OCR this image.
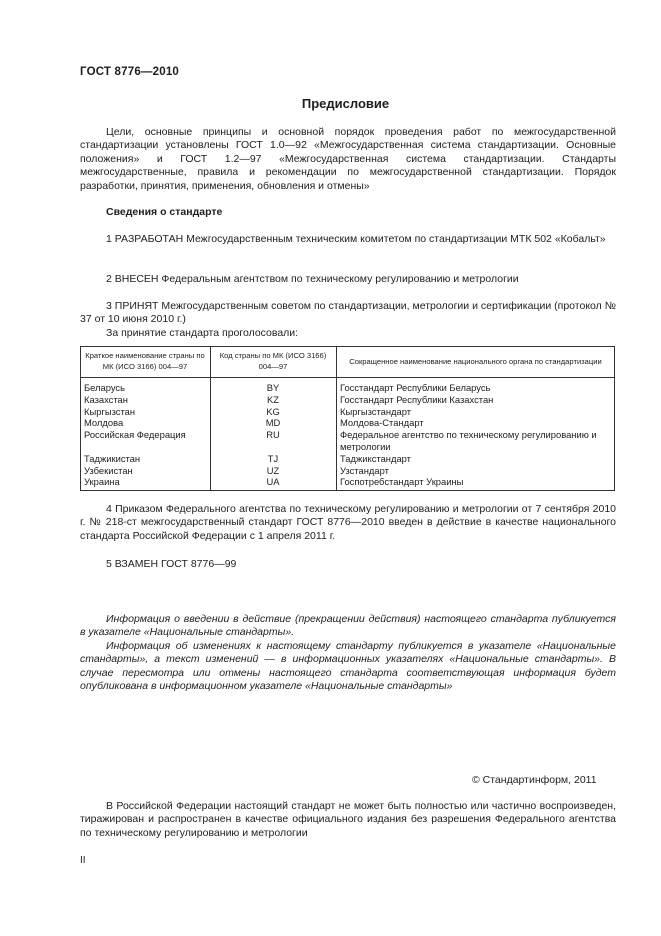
ГОСТ 8776—2010
Предисловие

Цели, основные принципы и основной порядок проведения работ по межгосударственной стандартизации установлены ГОСТ 1.0—92 «Межгосударственная система стандартизации. Основные положения» и ГОСТ 1.2—97 «Межгосударственная система стандартизации. Стандарты межгосударственные, правила и рекомендации по межгосударственной стандартизации. Порядок разработки, принятия, применения, обновления и отмены»

Сведения о стандарте

1 РАЗРАБОТАН Межгосударственным техническим комитетом по стандартизации МТК 502 «Кобальт»

2 ВНЕСЕН Федеральным агентством по техническому регулированию и метрологии

3 ПРИНЯТ Межгосударственным советом по стандартизации, метрологии и сертификации (протокол № 37 от 10 июня 2010 г.)

За принятие стандарта проголосовали:

Краткое наименование страны по МК (ИСО 3166) 004—97	Код страны по МК (ИСО 3166) 004—97	Сокращенное наименование национального органа по стандартизации
Беларусь	BY	Госстандарт Республики Беларусь
Казахстан	KZ	Госстандарт Республики Казахстан
Кыргызстан	KG	Кыргызстандарт
Молдова	MD	Молдова-Стандарт
Российская Федерация	RU	Федеральное агентство по техническому регулированию и метрологии
Таджикистан	TJ	Таджикстандарт
Узбекистан	UZ	Узстандарт
Украина	UA	Госпотребстандарт Украины

4 Приказом Федерального агентства по техническому регулированию и метрологии от 7 сентября 2010 г. № 218-ст межгосударственный стандарт ГОСТ 8776—2010 введен в действие в качестве национального стандарта Российской Федерации с 1 апреля 2011 г.

5 ВЗАМЕН ГОСТ 8776—99

Информация о введении в действие (прекращении действия) настоящего стандарта публикуется в указателе «Национальные стандарты».

Информация об изменениях к настоящему стандарту публикуется в указателе «Национальные стандарты», а текст изменений — в информационных указателях «Национальные стандарты». В случае пересмотра или отмены настоящего стандарта соответствующая информация будет опубликована в информационном указателе «Национальные стандарты»

© Стандартинформ, 2011

В Российской Федерации настоящий стандарт не может быть полностью или частично воспроизведен, тиражирован и распространен в качестве официального издания без разрешения Федерального агентства по техническому регулированию и метрологии

II
